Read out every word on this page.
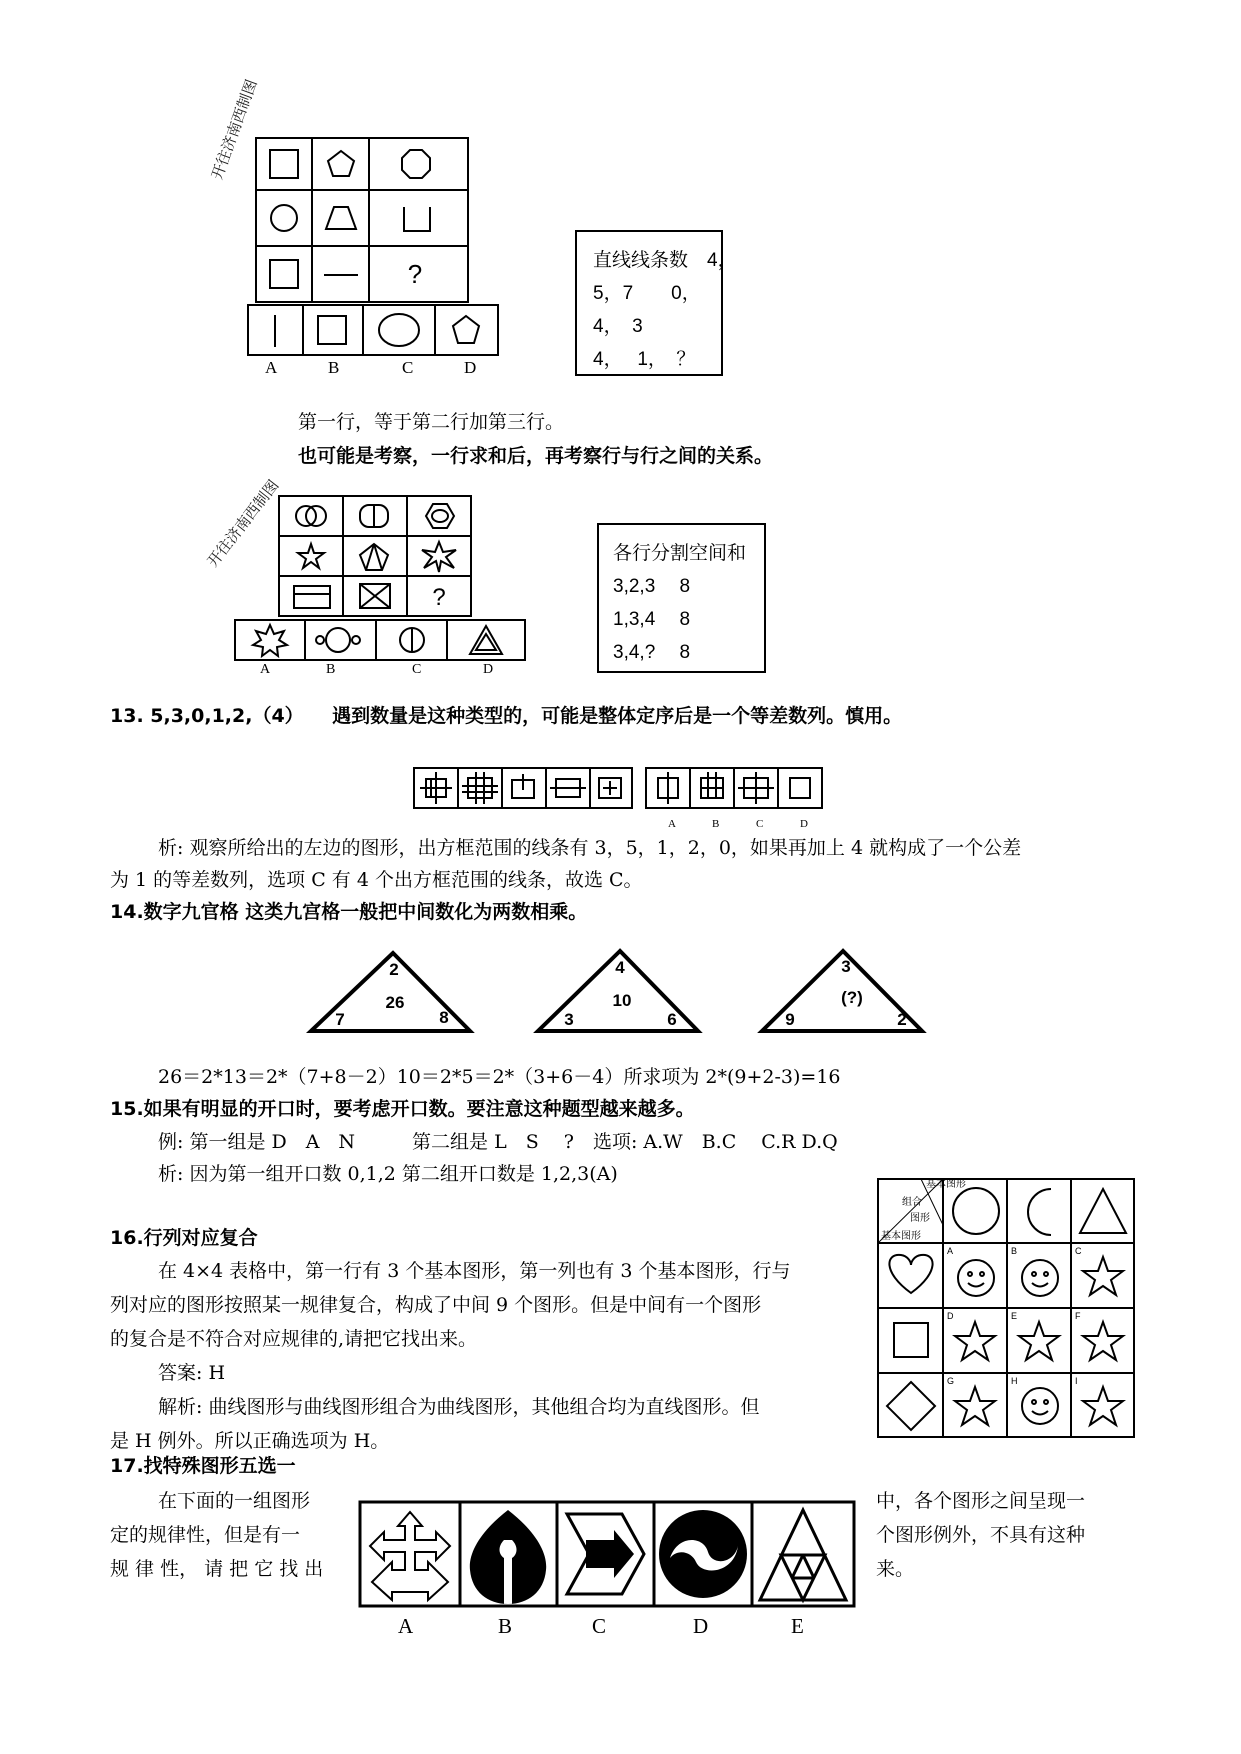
开往济南西制图
?
A	B	C	D
直线线条数　4，
5，7　　0，
4，　3
4，　 1，　？
第一行，等于第二行加第三行。
也可能是考察，一行求和后，再考察行与行之间的关系。
开往济南西制图
?
A	B	C	D
各行分割空间和
3,2,3　 8
1,3,4　 8
3,4,?　 8
13. 5,3,0,1,2,（4）　　遇到数量是这种类型的，可能是整体定序后是一个等差数列。慎用。
A	B	C	D
析: 观察所给出的左边的图形，出方框范围的线条有 3，5，1，2，0，如果再加上 4 就构成了一个公差
为 1 的等差数列，选项 C 有 4 个出方框范围的线条，故选 C。
14.数字九官格 这类九宫格一般把中间数化为两数相乘。
2
26
7	8
4
10
3	6
3
(?)
9	2
26＝2*13＝2*（7+8－2）10＝2*5＝2*（3+6－4）所求项为 2*(9+2-3)=16
15.如果有明显的开口时，要考虑开口数。要注意这种题型越来越多。
例: 第一组是 D　A　N　　　第二组是 L　S　 ?　选项: A.W　B.C　 C.R D.Q
析: 因为第一组开口数 0,1,2 第二组开口数是 1,2,3(A)
16.行列对应复合
在 4×4 表格中，第一行有 3 个基本图形，第一列也有 3 个基本图形，行与
列对应的图形按照某一规律复合，构成了中间 9 个图形。但是中间有一个图形
的复合是不符合对应规律的,请把它找出来。
答案: H
解析: 曲线图形与曲线图形组合为曲线图形，其他组合均为直线图形。但
是 H 例外。所以正确选项为 H。
基本图形
组合
图形
基本图形
A	B	C
D	E	F
G	H	I
17.找特殊图形五选一
在下面的一组图形
定的规律性，但是有一
规 律 性， 请 把 它 找 出
中，各个图形之间呈现一
个图形例外，不具有这种
来。
A	B	C	D	E
